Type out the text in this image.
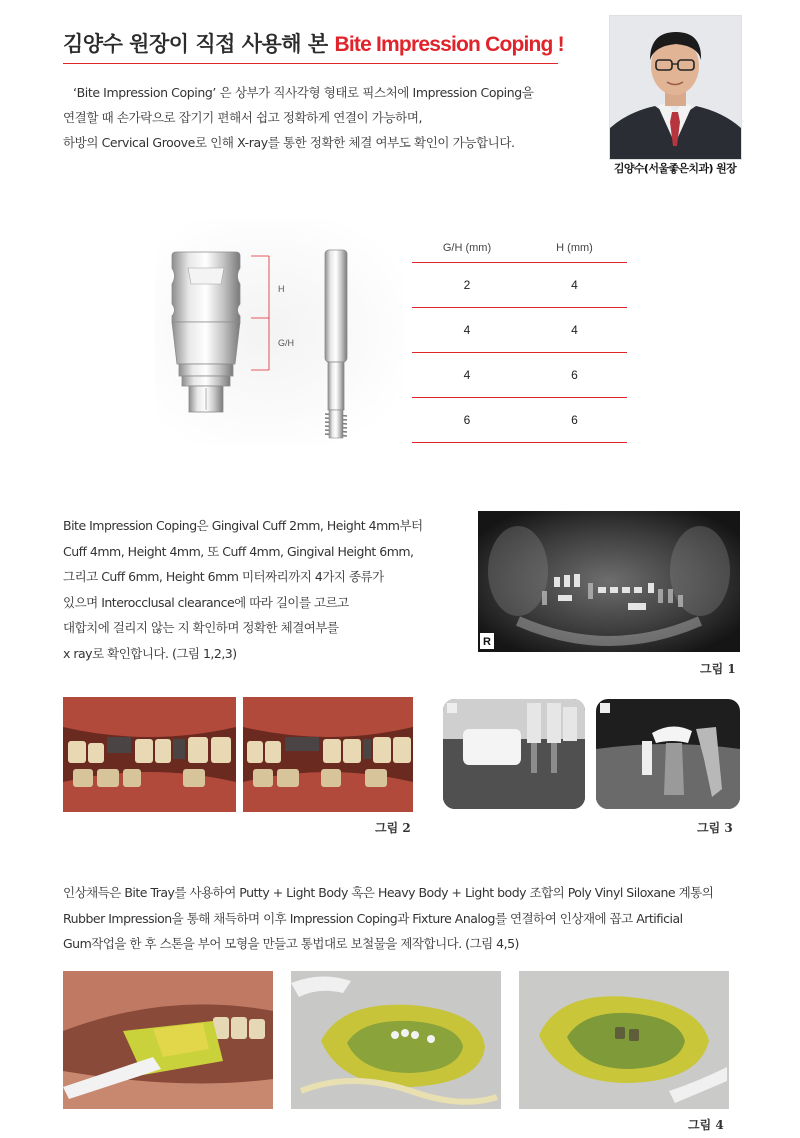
김양수 원장이 직접 사용해 본 Bite Impression Coping !

‘Bite Impression Coping’ 은 상부가 직사각형 형태로 픽스처에 Impression Coping을

연결할 때 손가락으로 잡기기 편해서 쉽고 정확하게 연결이 가능하며,

하방의 Cervical Groove로 인해 X-ray를 통한 정확한 체결 여부도 확인이 가능합니다.

김양수(서울좋은치과) 원장
H
G/H
G/H (mm)	H (mm)
2	4
4	4
4	6
6	6

Bite Impression Coping은 Gingival Cuff 2mm, Height 4mm부터

Cuff 4mm, Height 4mm, 또 Cuff 4mm, Gingival Height 6mm,

그리고 Cuff 6mm, Height 6mm 미터짜리까지 4가지 종류가

있으며 Interocclusal clearance에 따라 길이를 고르고

대합치에 걸리지 않는 지 확인하며 정확한 체결여부를

x ray로 확인합니다. (그림 1,2,3)

R
그림 1
그림 2	그림 3

인상채득은 Bite Tray를 사용하여 Putty + Light Body 혹은 Heavy Body + Light body 조합의 Poly Vinyl Siloxane 계통의

Rubber Impression을 통해 채득하며 이후 Impression Coping과 Fixture Analog를 연결하여 인상재에 꼽고 Artificial

Gum작업을 한 후 스톤을 부어 모형을 만들고 통법대로 보철물을 제작합니다. (그림 4,5)

그림 4
